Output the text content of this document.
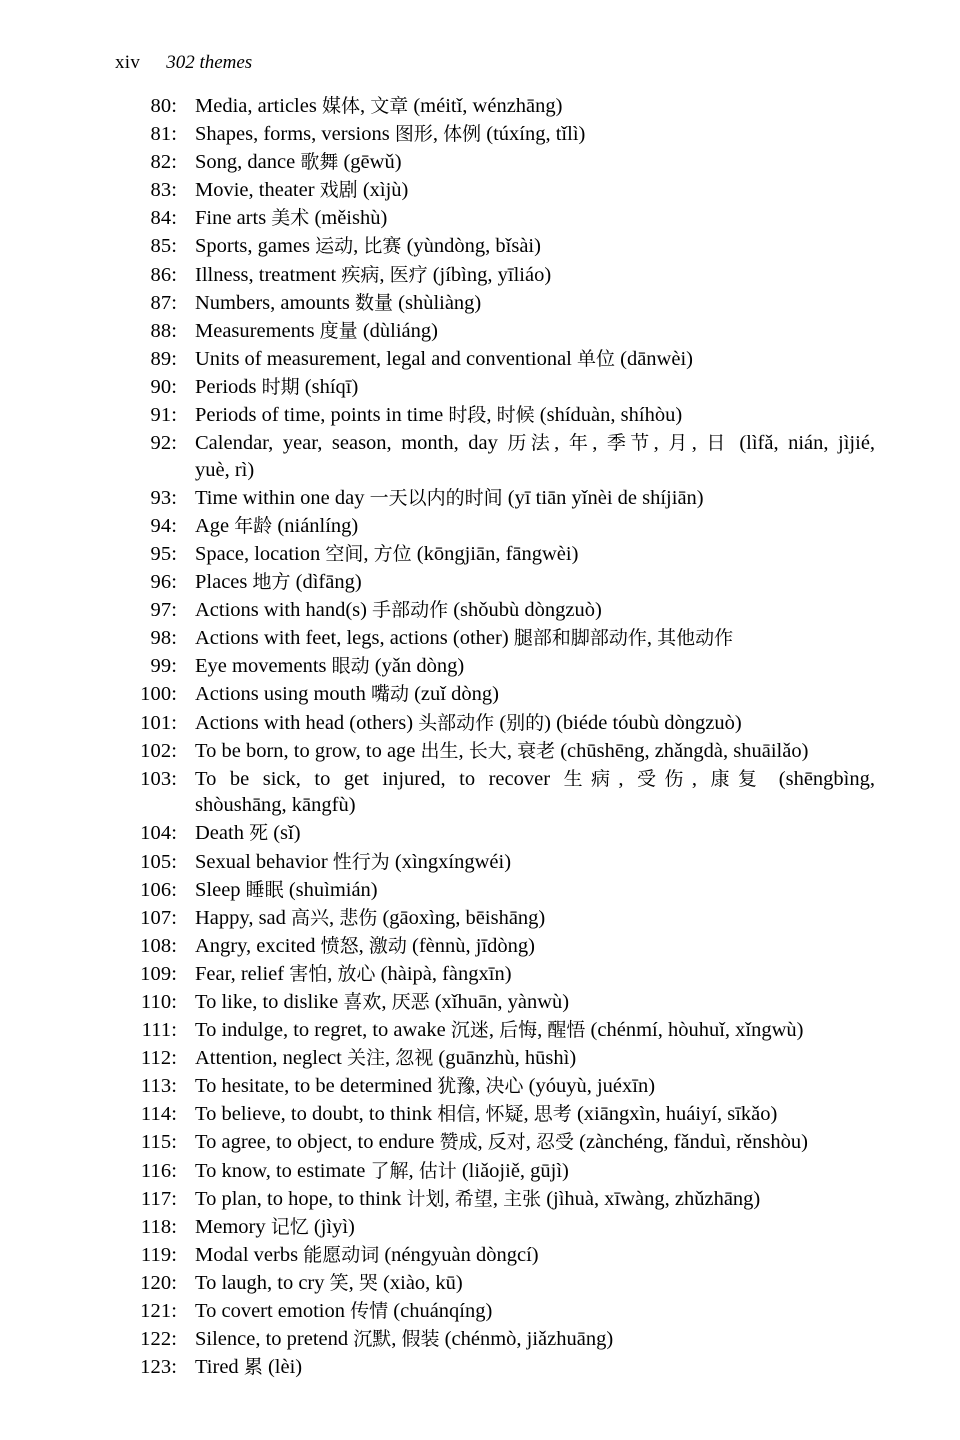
xiv 302 themes
80: Media, articles 媒体, 文章 (méitǐ, wénzhāng)
81: Shapes, forms, versions 图形, 体例 (túxíng, tǐlì)
82: Song, dance 歌舞 (gēwǔ)
83: Movie, theater 戏剧 (xìjù)
84: Fine arts 美术 (měishù)
85: Sports, games 运动, 比赛 (yùndòng, bǐsài)
86: Illness, treatment 疾病, 医疗 (jíbìng, yīliáo)
87: Numbers, amounts 数量 (shùliàng)
88: Measurements 度量 (dùliáng)
89: Units of measurement, legal and conventional 单位 (dānwèi)
90: Periods 时期 (shíqī)
91: Periods of time, points in time 时段, 时候 (shíduàn, shíhòu)
92: Calendar, year, season, month, day 历法, 年, 季节, 月, 日 (lìfǎ, nián, jìjié,
yuè, rì)
93: Time within one day 一天以内的时间 (yī tiān yǐnèi de shíjiān)
94: Age 年龄 (niánlíng)
95: Space, location 空间, 方位 (kōngjiān, fāngwèi)
96: Places 地方 (dìfāng)
97: Actions with hand(s) 手部动作 (shǒubù dòngzuò)
98: Actions with feet, legs, actions (other) 腿部和脚部动作, 其他动作
99: Eye movements 眼动 (yǎn dòng)
100: Actions using mouth 嘴动 (zuǐ dòng)
101: Actions with head (others) 头部动作 (别的) (biéde tóubù dòngzuò)
102: To be born, to grow, to age 出生, 长大, 衰老 (chūshēng, zhǎngdà, shuāilǎo)
103: To be sick, to get injured, to recover 生病, 受伤, 康复 (shēngbìng,
shòushāng, kāngfù)
104: Death 死 (sǐ)
105: Sexual behavior 性行为 (xìngxíngwéi)
106: Sleep 睡眠 (shuìmián)
107: Happy, sad 高兴, 悲伤 (gāoxìng, bēishāng)
108: Angry, excited 愤怒, 激动 (fènnù, jīdòng)
109: Fear, relief 害怕, 放心 (hàipà, fàngxīn)
110: To like, to dislike 喜欢, 厌恶 (xǐhuān, yànwù)
111: To indulge, to regret, to awake 沉迷, 后悔, 醒悟 (chénmí, hòuhuǐ, xǐngwù)
112: Attention, neglect 关注, 忽视 (guānzhù, hūshì)
113: To hesitate, to be determined 犹豫, 决心 (yóuyù, juéxīn)
114: To believe, to doubt, to think 相信, 怀疑, 思考 (xiāngxìn, huáiyí, sīkǎo)
115: To agree, to object, to endure 赞成, 反对, 忍受 (zànchéng, fǎnduì, rěnshòu)
116: To know, to estimate 了解, 估计 (liǎojiě, gūjì)
117: To plan, to hope, to think 计划, 希望, 主张 (jìhuà, xīwàng, zhǔzhāng)
118: Memory 记忆 (jìyì)
119: Modal verbs 能愿动词 (néngyuàn dòngcí)
120: To laugh, to cry 笑, 哭 (xiào, kū)
121: To covert emotion 传情 (chuánqíng)
122: Silence, to pretend 沉默, 假装 (chénmò, jiǎzhuāng)
123: Tired 累 (lèi)
